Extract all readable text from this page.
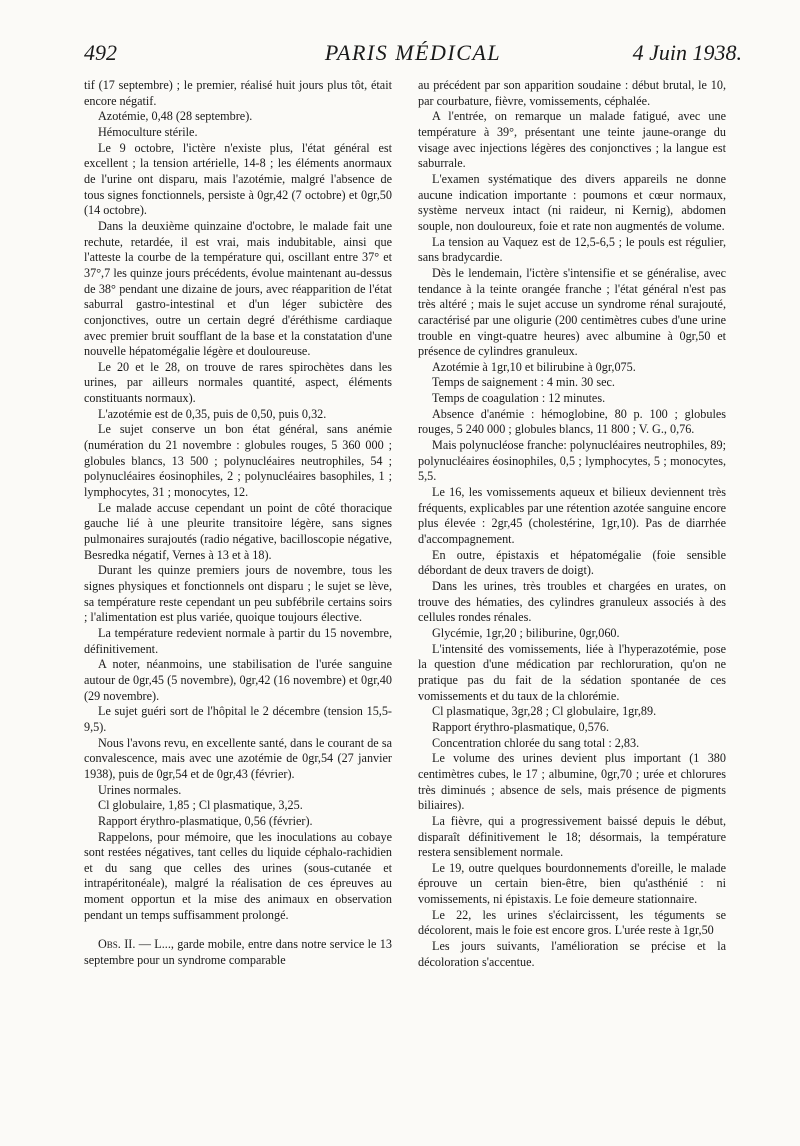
492	PARIS MÉDICAL	4 Juin 1938.

tif (17 septembre) ; le premier, réalisé huit jours plus tôt, était encore négatif.

Azotémie, 0,48 (28 septembre).

Hémoculture stérile.

Le 9 octobre, l'ictère n'existe plus, l'état général est excellent ; la tension artérielle, 14-8 ; les éléments anormaux de l'urine ont disparu, mais l'azotémie, malgré l'absence de tous signes fonctionnels, persiste à 0gr,42 (7 octobre) et 0gr,50 (14 octobre).

Dans la deuxième quinzaine d'octobre, le malade fait une rechute, retardée, il est vrai, mais indubitable, ainsi que l'atteste la courbe de la température qui, oscillant entre 37° et 37°,7 les quinze jours précédents, évolue maintenant au-dessus de 38° pendant une dizaine de jours, avec réapparition de l'état saburral gastro-intestinal et d'un léger subictère des conjonctives, outre un certain degré d'éréthisme cardiaque avec premier bruit soufflant de la base et la constatation d'une nouvelle hépatomégalie légère et douloureuse.

Le 20 et le 28, on trouve de rares spirochètes dans les urines, par ailleurs normales quantité, aspect, éléments constituants normaux).

L'azotémie est de 0,35, puis de 0,50, puis 0,32.

Le sujet conserve un bon état général, sans anémie (numération du 21 novembre : globules rouges, 5 360 000 ; globules blancs, 13 500 ; polynucléaires neutrophiles, 54 ; polynucléaires éosinophiles, 2 ; polynucléaires basophiles, 1 ; lymphocytes, 31 ; monocytes, 12.

Le malade accuse cependant un point de côté thoracique gauche lié à une pleurite transitoire légère, sans signes pulmonaires surajoutés (radio négative, bacilloscopie négative, Besredka négatif, Vernes à 13 et à 18).

Durant les quinze premiers jours de novembre, tous les signes physiques et fonctionnels ont disparu ; le sujet se lève, sa température reste cependant un peu subfébrile certains soirs ; l'alimentation est plus variée, quoique toujours élective.

La température redevient normale à partir du 15 novembre, définitivement.

A noter, néanmoins, une stabilisation de l'urée sanguine autour de 0gr,45 (5 novembre), 0gr,42 (16 novembre) et 0gr,40 (29 novembre).

Le sujet guéri sort de l'hôpital le 2 décembre (tension 15,5-9,5).

Nous l'avons revu, en excellente santé, dans le courant de sa convalescence, mais avec une azotémie de 0gr,54 (27 janvier 1938), puis de 0gr,54 et de 0gr,43 (février).

Urines normales.

Cl globulaire, 1,85 ; Cl plasmatique, 3,25.

Rapport érythro-plasmatique, 0,56 (février).

Rappelons, pour mémoire, que les inoculations au cobaye sont restées négatives, tant celles du liquide céphalo-rachidien et du sang que celles des urines (sous-cutanée et intrapéritonéale), malgré la réalisation de ces épreuves au moment opportun et la mise des animaux en observation pendant un temps suffisamment prolongé.

Obs. II. — L..., garde mobile, entre dans notre service le 13 septembre pour un syndrome comparable

au précédent par son apparition soudaine : début brutal, le 10, par courbature, fièvre, vomissements, céphalée.

A l'entrée, on remarque un malade fatigué, avec une température à 39°, présentant une teinte jaune-orange du visage avec injections légères des conjonctives ; la langue est saburrale.

L'examen systématique des divers appareils ne donne aucune indication importante : poumons et cœur normaux, système nerveux intact (ni raideur, ni Kernig), abdomen souple, non douloureux, foie et rate non augmentés de volume.

La tension au Vaquez est de 12,5-6,5 ; le pouls est régulier, sans bradycardie.

Dès le lendemain, l'ictère s'intensifie et se généralise, avec tendance à la teinte orangée franche ; l'état général n'est pas très altéré ; mais le sujet accuse un syndrome rénal surajouté, caractérisé par une oligurie (200 centimètres cubes d'une urine trouble en vingt-quatre heures) avec albumine à 0gr,50 et présence de cylindres granuleux.

Azotémie à 1gr,10 et bilirubine à 0gr,075.

Temps de saignement : 4 min. 30 sec.

Temps de coagulation : 12 minutes.

Absence d'anémie : hémoglobine, 80 p. 100 ; globules rouges, 5 240 000 ; globules blancs, 11 800 ; V. G., 0,76.

Mais polynucléose franche: polynucléaires neutrophiles, 89; polynucléaires éosinophiles, 0,5 ; lymphocytes, 5 ; monocytes, 5,5.

Le 16, les vomissements aqueux et bilieux deviennent très fréquents, explicables par une rétention azotée sanguine encore plus élevée : 2gr,45 (cholestérine, 1gr,10). Pas de diarrhée d'accompagnement.

En outre, épistaxis et hépatomégalie (foie sensible débordant de deux travers de doigt).

Dans les urines, très troubles et chargées en urates, on trouve des hématies, des cylindres granuleux associés à des cellules rondes rénales.

Glycémie, 1gr,20 ; biliburine, 0gr,060.

L'intensité des vomissements, liée à l'hyperazotémie, pose la question d'une médication par rechloruration, qu'on ne pratique pas du fait de la sédation spontanée de ces vomissements et du taux de la chlorémie.

Cl plasmatique, 3gr,28 ; Cl globulaire, 1gr,89.

Rapport érythro-plasmatique, 0,576.

Concentration chlorée du sang total : 2,83.

Le volume des urines devient plus important (1 380 centimètres cubes, le 17 ; albumine, 0gr,70 ; urée et chlorures très diminués ; absence de sels, mais présence de pigments biliaires).

La fièvre, qui a progressivement baissé depuis le début, disparaît définitivement le 18; désormais, la température restera sensiblement normale.

Le 19, outre quelques bourdonnements d'oreille, le malade éprouve un certain bien-être, bien qu'asthénié : ni vomissements, ni épistaxis. Le foie demeure stationnaire.

Le 22, les urines s'éclaircissent, les téguments se décolorent, mais le foie est encore gros. L'urée reste à 1gr,50

Les jours suivants, l'amélioration se précise et la décoloration s'accentue.
